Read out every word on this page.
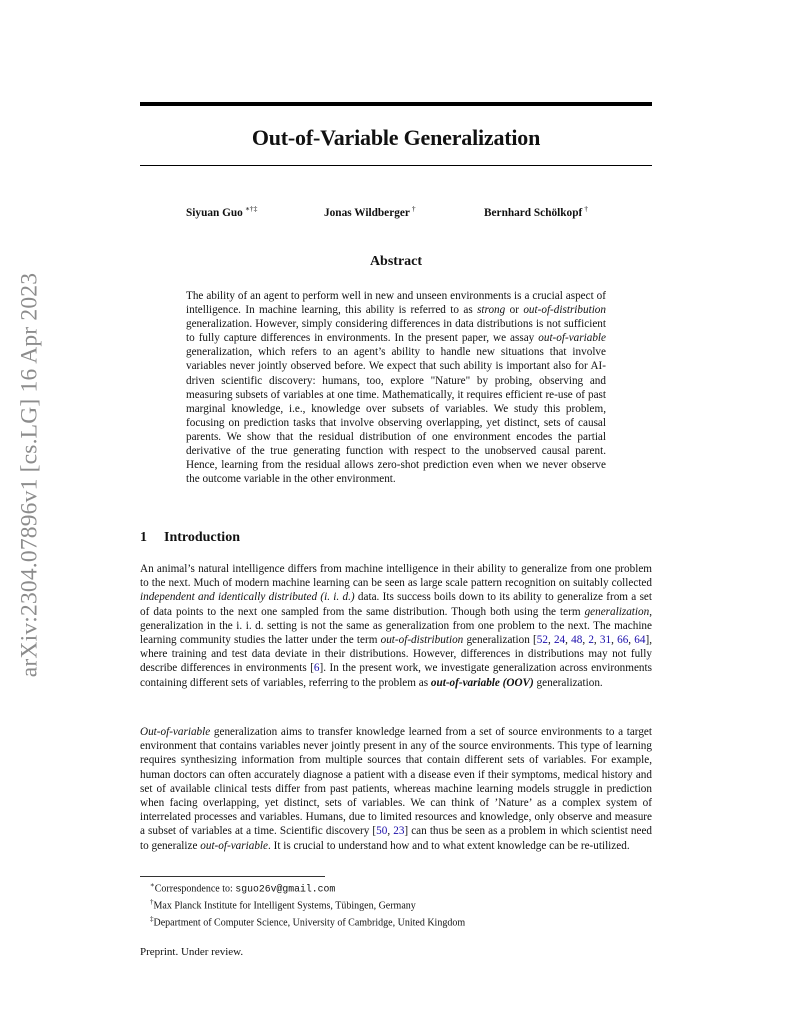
arXiv:2304.07896v1 [cs.LG] 16 Apr 2023
Out-of-Variable Generalization
Siyuan Guo ∗†‡	Jonas Wildberger †	Bernhard Schölkopf †
Abstract

The ability of an agent to perform well in new and unseen environments is a crucial aspect of intelligence. In machine learning, this ability is referred to as strong or out-of-distribution generalization. However, simply considering differences in data distributions is not sufficient to fully capture differences in environments. In the present paper, we assay out-of-variable generalization, which refers to an agent’s ability to handle new situations that involve variables never jointly observed before. We expect that such ability is important also for AI-driven scientific discovery: humans, too, explore "Nature" by probing, observing and measuring subsets of variables at one time. Mathematically, it requires efficient re-use of past marginal knowledge, i.e., knowledge over subsets of variables. We study this problem, focusing on prediction tasks that involve observing overlapping, yet distinct, sets of causal parents. We show that the residual distribution of one environment encodes the partial derivative of the true generating function with respect to the unobserved causal parent. Hence, learning from the residual allows zero-shot prediction even when we never observe the outcome variable in the other environment.

1 Introduction

An animal’s natural intelligence differs from machine intelligence in their ability to generalize from one problem to the next. Much of modern machine learning can be seen as large scale pattern recognition on suitably collected independent and identically distributed (i. i. d.) data. Its success boils down to its ability to generalize from a set of data points to the next one sampled from the same distribution. Though both using the term generalization, generalization in the i. i. d. setting is not the same as generalization from one problem to the next. The machine learning community studies the latter under the term out-of-distribution generalization [52, 24, 48, 2, 31, 66, 64], where training and test data deviate in their distributions. However, differences in distributions may not fully describe differences in environments [6]. In the present work, we investigate generalization across environments containing different sets of variables, referring to the problem as out-of-variable (OOV) generalization.

Out-of-variable generalization aims to transfer knowledge learned from a set of source environments to a target environment that contains variables never jointly present in any of the source environments. This type of learning requires synthesizing information from multiple sources that contain different sets of variables. For example, human doctors can often accurately diagnose a patient with a disease even if their symptoms, medical history and set of available clinical tests differ from past patients, whereas machine learning models struggle in prediction when facing overlapping, yet distinct, sets of variables. We can think of ’Nature’ as a complex system of interrelated processes and variables. Humans, due to limited resources and knowledge, only observe and measure a subset of variables at a time. Scientific discovery [50, 23] can thus be seen as a problem in which scientist need to generalize out-of-variable. It is crucial to understand how and to what extent knowledge can be re-utilized.

∗Correspondence to: sguo26v@gmail.com
†Max Planck Institute for Intelligent Systems, Tübingen, Germany
‡Department of Computer Science, University of Cambridge, United Kingdom
Preprint. Under review.
